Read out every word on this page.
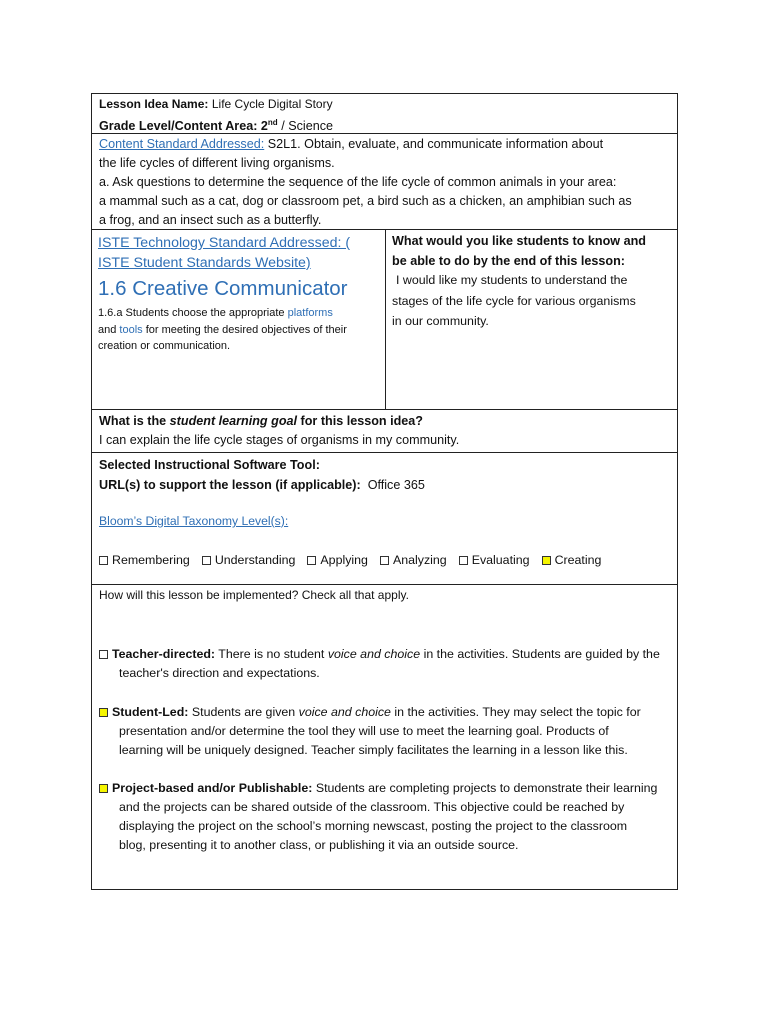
Lesson Idea Name: Life Cycle Digital Story
Grade Level/Content Area: 2nd / Science
Content Standard Addressed: S2L1. Obtain, evaluate, and communicate information about
the life cycles of different living organisms.
a. Ask questions to determine the sequence of the life cycle of common animals in your area:
a mammal such as a cat, dog or classroom pet, a bird such as a chicken, an amphibian such as
a frog, and an insect such as a butterfly.
ISTE Technology Standard Addressed: (
ISTE Student Standards Website)
1.6 Creative Communicator
1.6.a Students choose the appropriate platforms
and tools for meeting the desired objectives of their
creation or communication.
What would you like students to know and
be able to do by the end of this lesson:
I would like my students to understand the
stages of the life cycle for various organisms
in our community.
What is the student learning goal for this lesson idea?
I can explain the life cycle stages of organisms in my community.
Selected Instructional Software Tool:
URL(s) to support the lesson (if applicable): Office 365
Bloom’s Digital Taxonomy Level(s):
Remembering Understanding Applying Analyzing Evaluating Creating
How will this lesson be implemented? Check all that apply.
Teacher-directed: There is no student voice and choice in the activities. Students are guided by the
teacher's direction and expectations.
Student-Led: Students are given voice and choice in the activities. They may select the topic for
presentation and/or determine the tool they will use to meet the learning goal. Products of
learning will be uniquely designed. Teacher simply facilitates the learning in a lesson like this.
Project-based and/or Publishable: Students are completing projects to demonstrate their learning
and the projects can be shared outside of the classroom. This objective could be reached by
displaying the project on the school’s morning newscast, posting the project to the classroom
blog, presenting it to another class, or publishing it via an outside source.
